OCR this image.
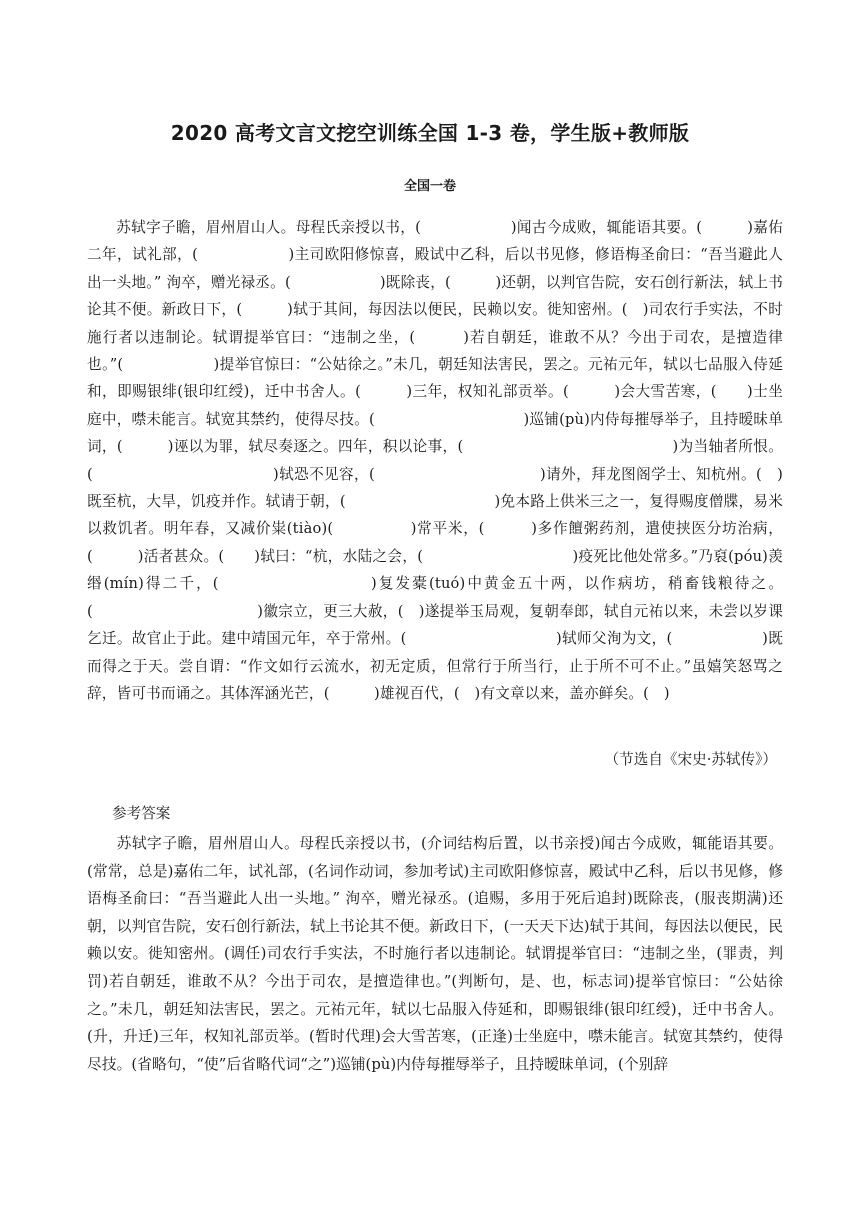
2020 高考文言文挖空训练全国 1-3 卷，学生版+教师版
全国一卷

苏轼字子瞻，眉州眉山人。母程氏亲授以书，(　　　　　　)闻古今成败，辄能语其要。(　　　)嘉佑二年，试礼部，(　　　　　　)主司欧阳修惊喜，殿试中乙科，后以书见修，修语梅圣俞曰：“吾当避此人出一头地。” 洵卒，赠光禄丞。(　　　　　　)既除丧，(　　　)还朝，以判官告院，安石创行新法，轼上书论其不便。新政日下，(　　　)轼于其间，每因法以便民，民赖以安。徙知密州。(　)司农行手实法，不时施行者以违制论。轼谓提举官曰：“违制之坐，(　　　)若自朝廷，谁敢不从？今出于司农，是擅造律也。”(　　　　　　)提举官惊曰：“公姑徐之。”未几，朝廷知法害民，罢之。元祐元年，轼以七品服入侍延和，即赐银绯(银印红绶)，迁中书舍人。(　　　)三年，权知礼部贡举。(　　　)会大雪苦寒，(　　)士坐庭中，噤未能言。轼宽其禁约，使得尽技。(　　　　　　　　　　)巡铺(pù)内侍每摧辱举子，且持暧昧单词，(　　　)诬以为罪，轼尽奏逐之。四年，积以论事，(　　　　　　　　　　　　　　)为当轴者所恨。(　　　　　　　　　　　　)轼恐不见容，(　　　　　　　　　　　)请外，拜龙图阁学士、知杭州。(　)既至杭，大旱，饥疫并作。轼请于朝，(　　　　　　　　　　)免本路上供米三之一，复得赐度僧牒，易米以救饥者。明年春，又减价粜(tiào)(　　　　　)常平米，(　　　)多作饘粥药剂，遣使挟医分坊治病，(　　　)活者甚众。(　　)轼曰：“杭，水陆之会，(　　　　　　　　　　)疫死比他处常多。”乃裒(póu)羡缗(mín)得二千，(　　　　　　　　　)复发橐(tuó)中黄金五十两，以作病坊，稍畜钱粮待之。(　　　　　　　　　　　)徽宗立，更三大赦，(　)遂提举玉局观，复朝奉郎，轼自元祐以来，未尝以岁课乞迁。故官止于此。建中靖国元年，卒于常州。(　　　　　　　　　　)轼师父洵为文，(　　　　　　)既而得之于天。尝自谓：“作文如行云流水，初无定质，但常行于所当行，止于所不可不止。”虽嬉笑怒骂之辞，皆可书而诵之。其体浑涵光芒，(　　　)雄视百代，(　)有文章以来，盖亦鲜矣。(　)

（节选自《宋史·苏轼传》）

参考答案

苏轼字子瞻，眉州眉山人。母程氏亲授以书，(介词结构后置，以书亲授)闻古今成败，辄能语其要。(常常，总是)嘉佑二年，试礼部，(名词作动词，参加考试)主司欧阳修惊喜，殿试中乙科，后以书见修，修语梅圣俞曰：“吾当避此人出一头地。” 洵卒，赠光禄丞。(追赐，多用于死后追封)既除丧，(服丧期满)还朝，以判官告院，安石创行新法，轼上书论其不便。新政日下，(一天天下达)轼于其间，每因法以便民，民赖以安。徙知密州。(调任)司农行手实法，不时施行者以违制论。轼谓提举官曰：“违制之坐，(罪责，判罚)若自朝廷，谁敢不从？今出于司农，是擅造律也。”(判断句，是、也，标志词)提举官惊曰：“公姑徐之。”未几，朝廷知法害民，罢之。元祐元年，轼以七品服入侍延和，即赐银绯(银印红绶)，迁中书舍人。(升，升迁)三年，权知礼部贡举。(暂时代理)会大雪苦寒，(正逢)士坐庭中，噤未能言。轼宽其禁约，使得尽技。(省略句，“使”后省略代词“之”)巡铺(pù)内侍每摧辱举子，且持暧昧单词，(个别辞
